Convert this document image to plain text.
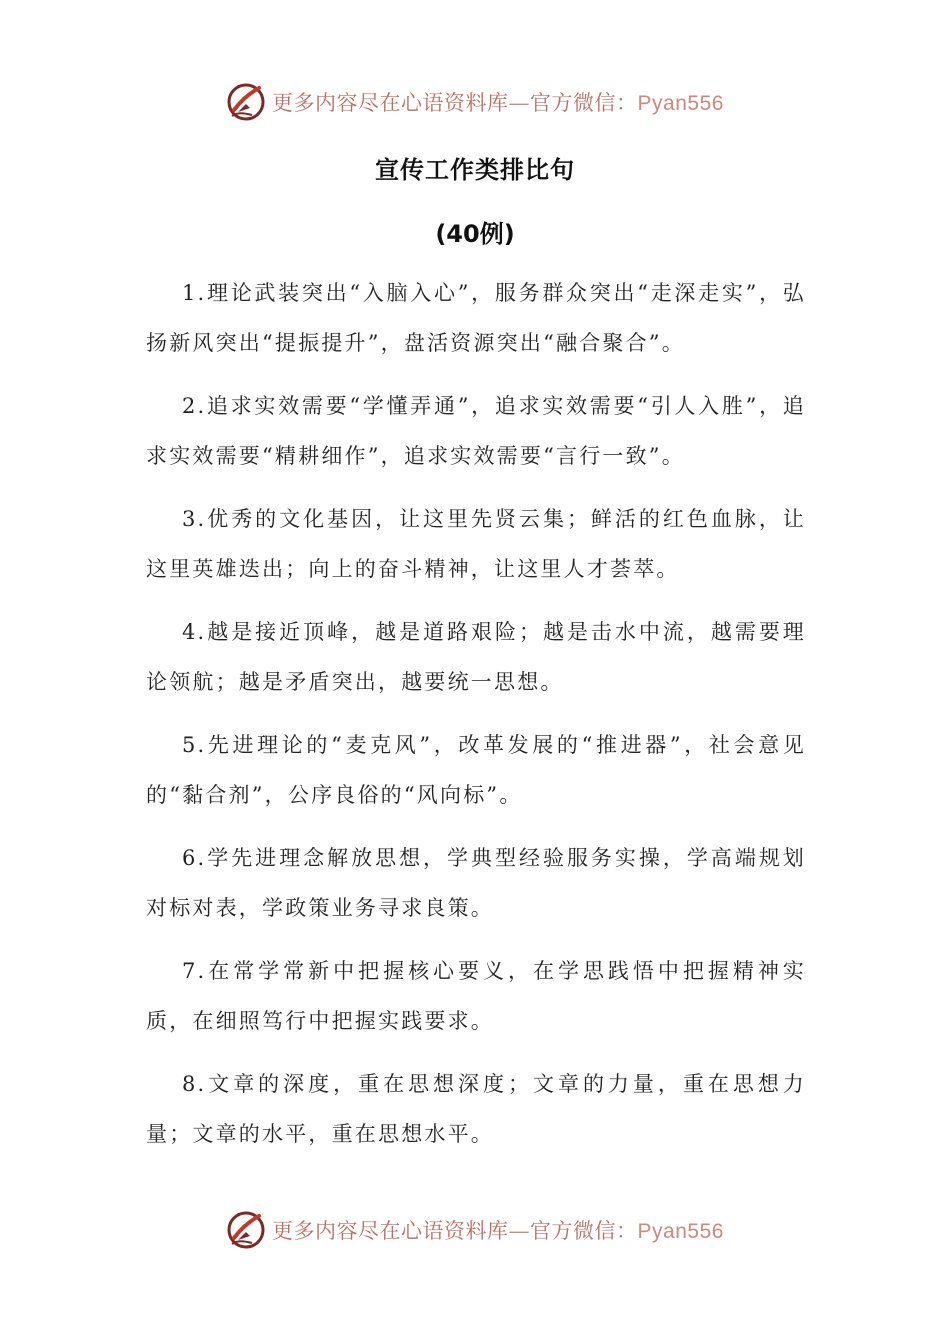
更多内容尽在心语资料库—官方微信：Pyan556
宣传工作类排比句
(40例)

1.理论武装突出“入脑入心”，服务群众突出“走深走实”，弘扬新风突出“提振提升”，盘活资源突出“融合聚合”。

2.追求实效需要“学懂弄通”，追求实效需要“引人入胜”，追求实效需要“精耕细作”，追求实效需要“言行一致”。

3.优秀的文化基因，让这里先贤云集；鲜活的红色血脉，让这里英雄迭出；向上的奋斗精神，让这里人才荟萃。

4.越是接近顶峰，越是道路艰险；越是击水中流，越需要理论领航；越是矛盾突出，越要统一思想。

5.先进理论的“麦克风”，改革发展的“推进器”，社会意见的“黏合剂”，公序良俗的“风向标”。

6.学先进理念解放思想，学典型经验服务实操，学高端规划对标对表，学政策业务寻求良策。

7.在常学常新中把握核心要义，在学思践悟中把握精神实质，在细照笃行中把握实践要求。

8.文章的深度，重在思想深度；文章的力量，重在思想力量；文章的水平，重在思想水平。

更多内容尽在心语资料库—官方微信：Pyan556
